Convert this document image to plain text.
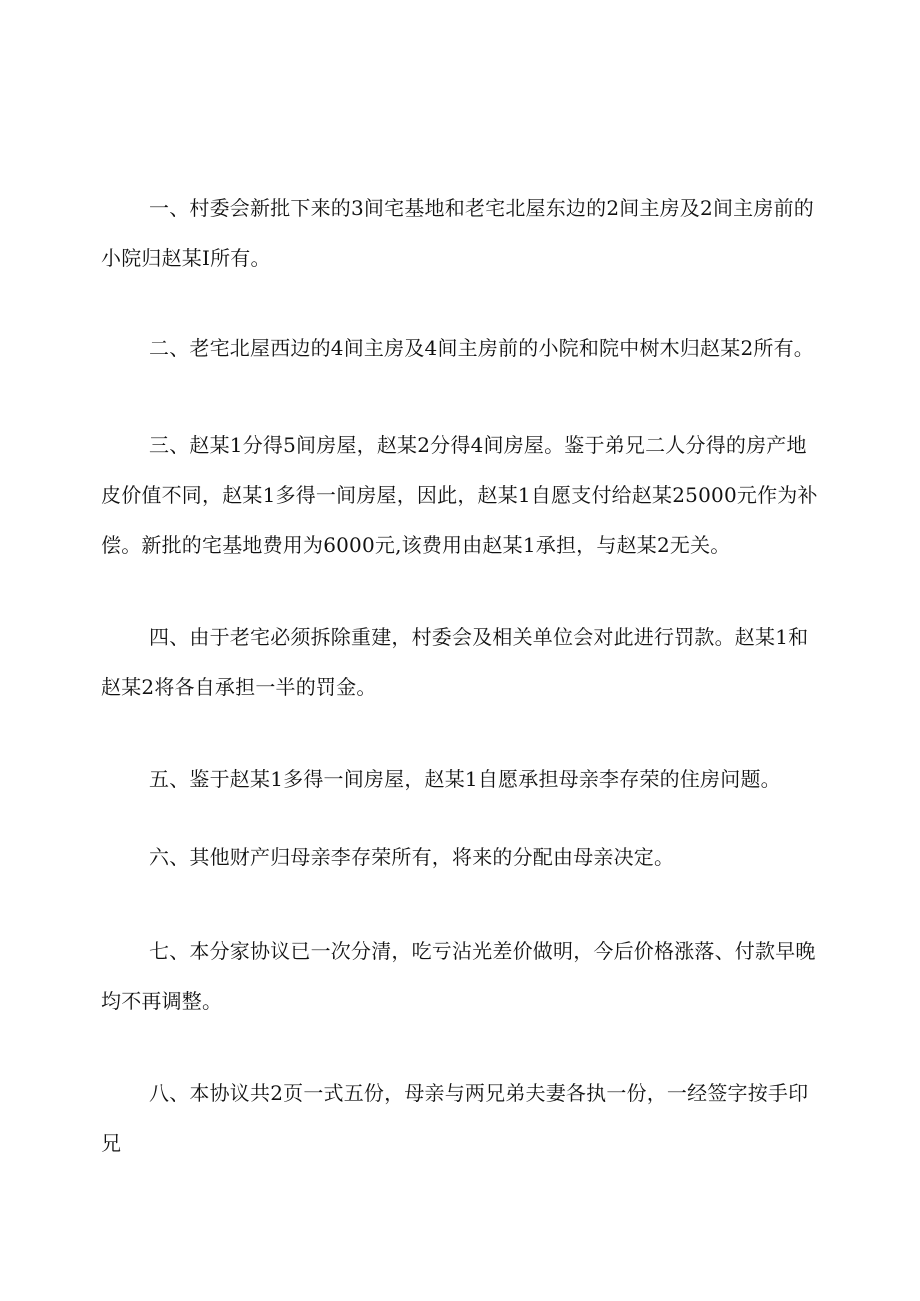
一、村委会新批下来的3间宅基地和老宅北屋东边的2间主房及2间主房前的小院归赵某I所有。

二、老宅北屋西边的4间主房及4间主房前的小院和院中树木归赵某2所有。

三、赵某1分得5间房屋，赵某2分得4间房屋。鉴于弟兄二人分得的房产地皮价值不同，赵某1多得一间房屋，因此，赵某1自愿支付给赵某25000元作为补偿。新批的宅基地费用为6000元,该费用由赵某1承担，与赵某2无关。

四、由于老宅必须拆除重建，村委会及相关单位会对此进行罚款。赵某1和赵某2将各自承担一半的罚金。

五、鉴于赵某1多得一间房屋，赵某1自愿承担母亲李存荣的住房问题。

六、其他财产归母亲李存荣所有，将来的分配由母亲决定。

七、本分家协议已一次分清，吃亏沾光差价做明，今后价格涨落、付款早晚均不再调整。

八、本协议共2页一式五份，母亲与两兄弟夫妻各执一份，一经签字按手印兄
